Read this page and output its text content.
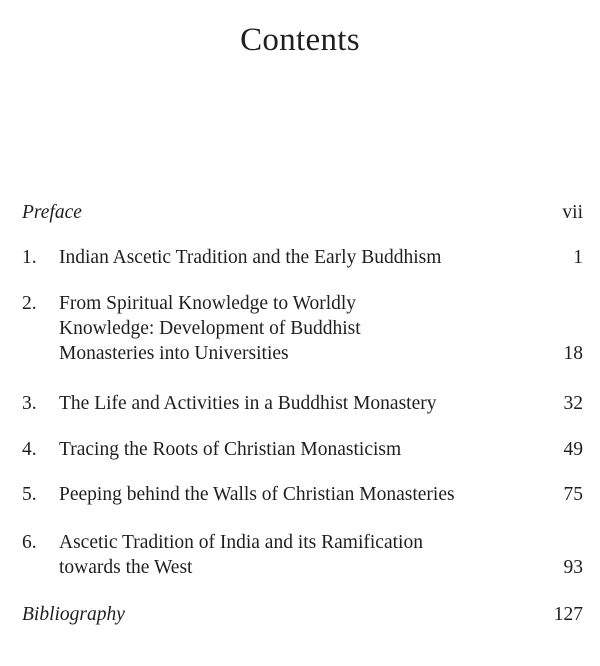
Contents
Preface	vii
1. Indian Ascetic Tradition and the Early Buddhism	1
2. From Spiritual Knowledge to Worldly
Knowledge: Development of Buddhist
Monasteries into Universities	18
3. The Life and Activities in a Buddhist Monastery	32
4. Tracing the Roots of Christian Monasticism	49
5. Peeping behind the Walls of Christian Monasteries	75
6. Ascetic Tradition of India and its Ramification
towards the West	93
Bibliography	127
